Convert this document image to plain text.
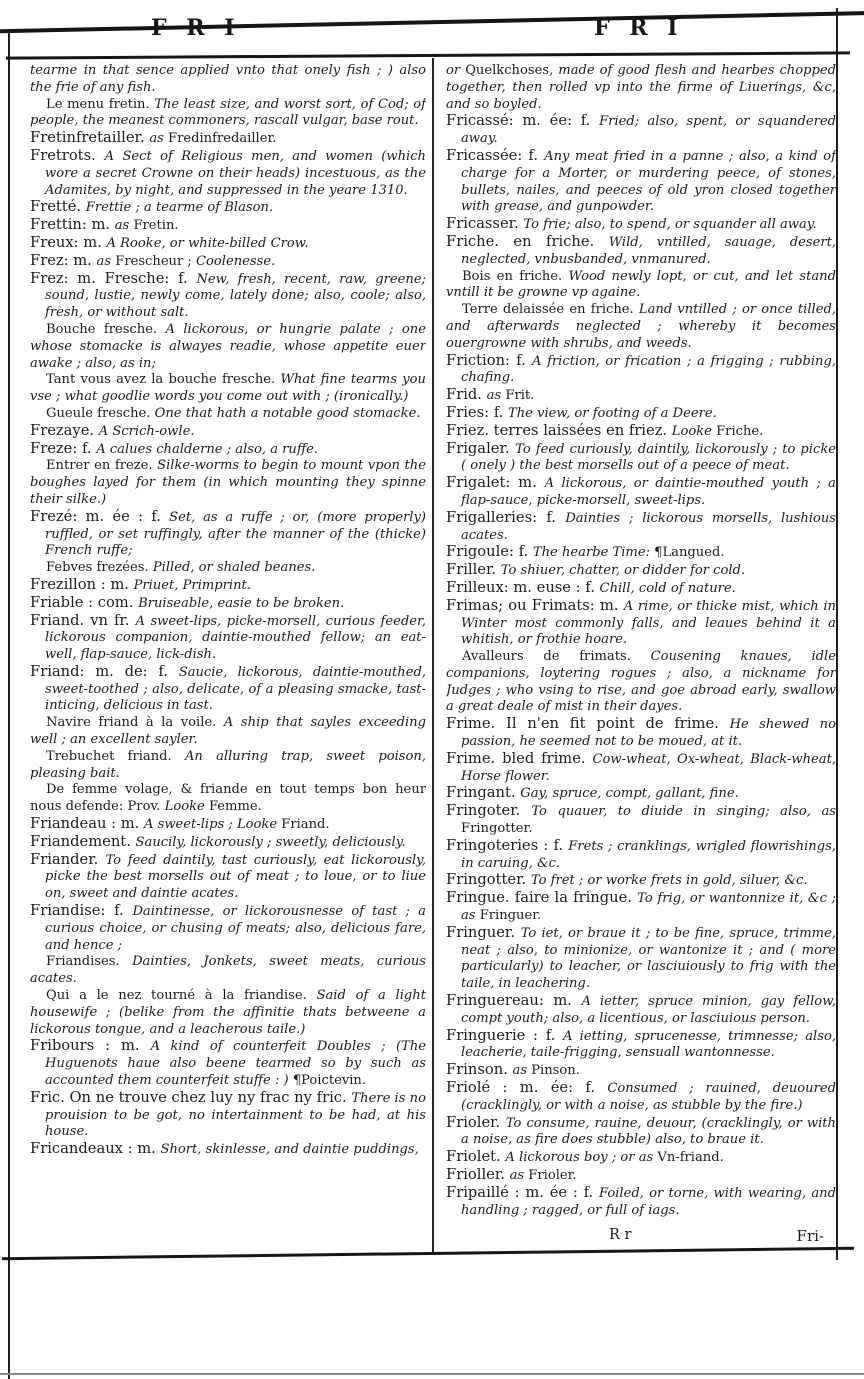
F R I	F R I

tearme in that sence applied vnto that onely fish ; ) also the frie of any fish.

Le menu fretin. The least size, and worst sort, of Cod; of people, the meanest commoners, rascall vulgar, base rout.

Fretinfretailler. as Fredinfredailler.

Fretrots. A Sect of Religious men, and women (which wore a secret Crowne on their heads) incestuous, as the Adamites, by night, and suppressed in the yeare 1310.

Fretté. Frettie ; a tearme of Blason.

Frettin: m. as Fretin.

Freux: m. A Rooke, or white-billed Crow.

Frez: m. as Frescheur ; Coolenesse.

Frez: m. Fresche: f. New, fresh, recent, raw, greene; sound, lustie, newly come, lately done; also, coole; also, fresh, or without salt.

Bouche fresche. A lickorous, or hungrie palate ; one whose stomacke is alwayes readie, whose appetite euer awake ; also, as in;

Tant vous avez la bouche fresche. What fine tearms you vse ; what goodlie words you come out with ; (ironically.)

Gueule fresche. One that hath a notable good stomacke.

Frezaye. A Scrich-owle.

Freze: f. A calues chalderne ; also, a ruffe.

Entrer en freze. Silke-worms to begin to mount vpon the boughes layed for them (in which mounting they spinne their silke.)

Frezé: m. ée : f. Set, as a ruffe ; or, (more properly) ruffled, or set ruffingly, after the manner of the (thicke) French ruffe;

Febves frezées. Pilled, or shaled beanes.

Frezillon : m. Priuet, Primprint.

Friable : com. Bruiseable, easie to be broken.

Friand. vn fr. A sweet-lips, picke-morsell, curious feeder, lickorous companion, daintie-mouthed fellow; an eat-well, flap-sauce, lick-dish.

Friand: m. de: f. Saucie, lickorous, daintie-mouthed, sweet-toothed ; also, delicate, of a pleasing smacke, tast-inticing, delicious in tast.

Navire friand à la voile. A ship that sayles exceeding well ; an excellent sayler.

Trebuchet friand. An alluring trap, sweet poison, pleasing bait.

De femme volage, & friande en tout temps bon heur nous defende: Prov. Looke Femme.

Friandeau : m. A sweet-lips ; Looke Friand.

Friandement. Saucily, lickorously ; sweetly, deliciously.

Friander. To feed daintily, tast curiously, eat lickorously, picke the best morsells out of meat ; to loue, or to liue on, sweet and daintie acates.

Friandise: f. Daintinesse, or lickorousnesse of tast ; a curious choice, or chusing of meats; also, delicious fare, and hence ;

Friandises. Dainties, Jonkets, sweet meats, curious acates.

Qui a le nez tourné à la friandise. Said of a light housewife ; (belike from the affinitie thats betweene a lickorous tongue, and a leacherous taile.)

Fribours : m. A kind of counterfeit Doubles ; (The Huguenots haue also beene tearmed so by such as accounted them counterfeit stuffe : ) ¶Poictevin.

Fric. On ne trouve chez luy ny frac ny fric. There is no prouision to be got, no intertainment to be had, at his house.

Fricandeaux : m. Short, skinlesse, and daintie puddings,

or Quelkchoses, made of good flesh and hearbes chopped together, then rolled vp into the firme of Liuerings, &c, and so boyled.

Fricassé: m. ée: f. Fried; also, spent, or squandered away.

Fricassée: f. Any meat fried in a panne ; also, a kind of charge for a Morter, or murdering peece, of stones, bullets, nailes, and peeces of old yron closed together with grease, and gunpowder.

Fricasser. To frie; also, to spend, or squander all away.

Friche. en friche. Wild, vntilled, sauage, desert, neglected, vnbusbanded, vnmanured.

Bois en friche. Wood newly lopt, or cut, and let stand vntill it be growne vp againe.

Terre delaissée en friche. Land vntilled ; or once tilled, and afterwards neglected ; whereby it becomes ouergrowne with shrubs, and weeds.

Friction: f. A friction, or frication ; a frigging ; rubbing, chafing.

Frid. as Frit.

Fries: f. The view, or footing of a Deere.

Friez. terres laissées en friez. Looke Friche.

Frigaler. To feed curiously, daintily, lickorously ; to picke ( onely ) the best morsells out of a peece of meat.

Frigalet: m. A lickorous, or daintie-mouthed youth ; a flap-sauce, picke-morsell, sweet-lips.

Frigalleries: f. Dainties ; lickorous morsells, lushious acates.

Frigoule: f. The hearbe Time: ¶Langued.

Friller. To shiuer, chatter, or didder for cold.

Frilleux: m. euse : f. Chill, cold of nature.

Frimas; ou Frimats: m. A rime, or thicke mist, which in Winter most commonly falls, and leaues behind it a whitish, or frothie hoare.

Avalleurs de frimats. Cousening knaues, idle companions, loytering rogues ; also, a nickname for Judges ; who vsing to rise, and goe abroad early, swallow a great deale of mist in their dayes.

Frime. Il n'en fit point de frime. He shewed no passion, he seemed not to be moued, at it.

Frime. bled frime. Cow-wheat, Ox-wheat, Black-wheat, Horse flower.

Fringant. Gay, spruce, compt, gallant, fine.

Fringoter. To quauer, to diuide in singing; also, as Fringotter.

Fringoteries : f. Frets ; cranklings, wrigled flowrishings, in caruing, &c.

Fringotter. To fret ; or worke frets in gold, siluer, &c.

Fringue. faire la fringue. To frig, or wantonnize it, &c ; as Fringuer.

Fringuer. To iet, or braue it ; to be fine, spruce, trimme, neat ; also, to minionize, or wantonize it ; and ( more particularly) to leacher, or lasciuiously to frig with the taile, in leachering.

Fringuereau: m. A ietter, spruce minion, gay fellow, compt youth; also, a licentious, or lasciuious person.

Fringuerie : f. A ietting, sprucenesse, trimnesse; also, leacherie, taile-frigging, sensuall wantonnesse.

Frinson. as Pinson.

Friolé : m. ée: f. Consumed ; rauined, deuoured (cracklingly, or with a noise, as stubble by the fire.)

Frioler. To consume, rauine, deuour, (cracklingly, or with a noise, as fire does stubble) also, to braue it.

Friolet. A lickorous boy ; or as Vn-friand.

Frioller. as Frioler.

Fripaillé : m. ée : f. Foiled, or torne, with wearing, and handling ; ragged, or full of iags.

R r	Fri-
